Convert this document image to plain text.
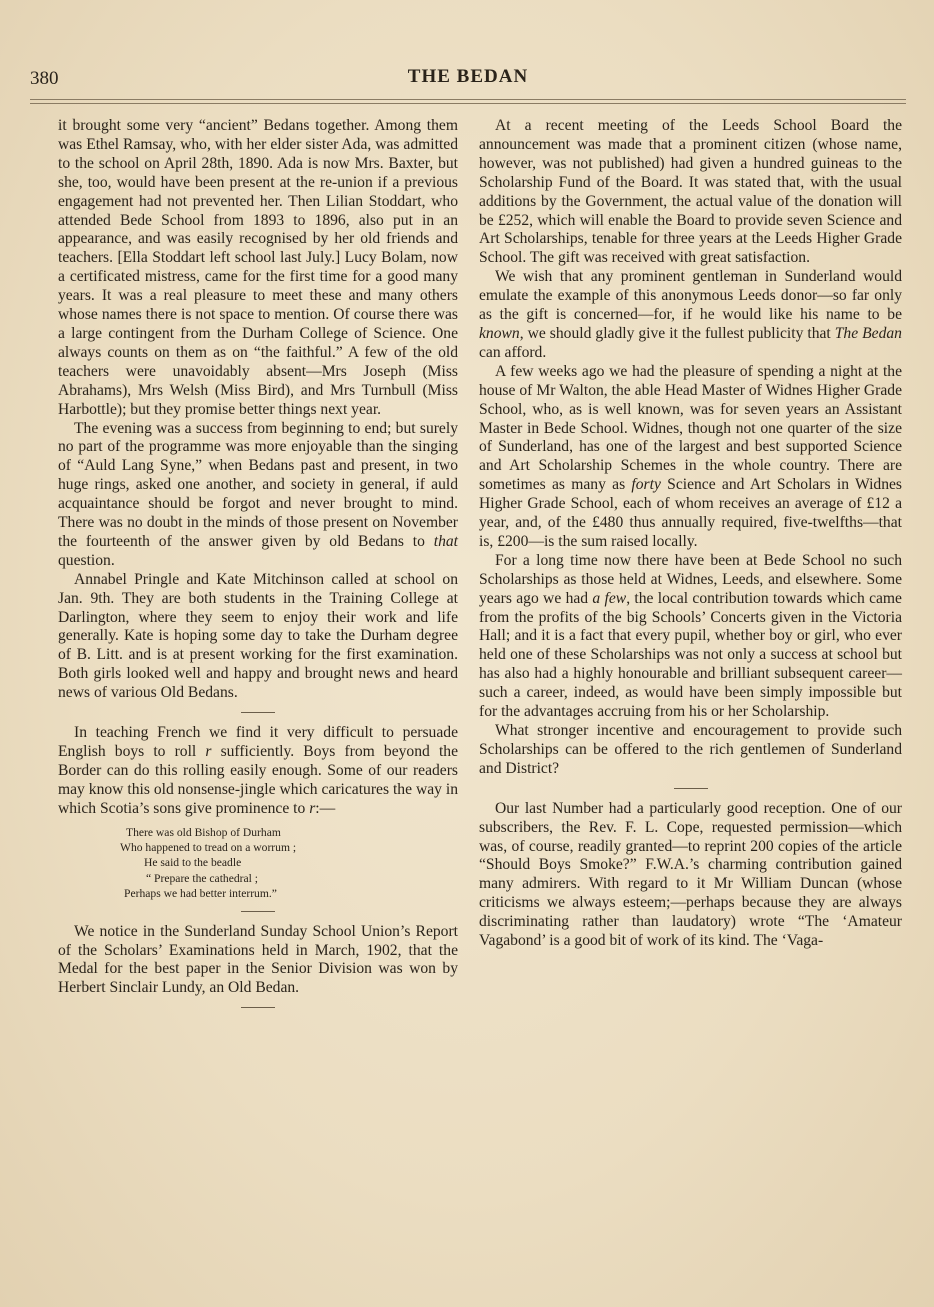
380	THE BEDAN

it brought some very “ancient” Bedans together. Among them was Ethel Ramsay, who, with her elder sister Ada, was admitted to the school on April 28th, 1890. Ada is now Mrs. Baxter, but she, too, would have been present at the re-union if a previous engagement had not prevented her. Then Lilian Stoddart, who attended Bede School from 1893 to 1896, also put in an appearance, and was easily recognised by her old friends and teachers. [Ella Stoddart left school last July.] Lucy Bolam, now a certificated mistress, came for the first time for a good many years. It was a real pleasure to meet these and many others whose names there is not space to mention. Of course there was a large contingent from the Durham College of Science. One always counts on them as on “the faithful.” A few of the old teachers were unavoidably absent—Mrs Joseph (Miss Abrahams), Mrs Welsh (Miss Bird), and Mrs Turnbull (Miss Harbottle); but they promise better things next year.

The evening was a success from beginning to end; but surely no part of the programme was more enjoyable than the singing of “Auld Lang Syne,” when Bedans past and present, in two huge rings, asked one another, and society in general, if auld acquaintance should be forgot and never brought to mind. There was no doubt in the minds of those present on November the fourteenth of the answer given by old Bedans to that question.

Annabel Pringle and Kate Mitchinson called at school on Jan. 9th. They are both students in the Training College at Darlington, where they seem to enjoy their work and life generally. Kate is hoping some day to take the Durham degree of B. Litt. and is at present working for the first examination. Both girls looked well and happy and brought news and heard news of various Old Bedans.

In teaching French we find it very difficult to persuade English boys to roll r sufficiently. Boys from beyond the Border can do this rolling easily enough. Some of our readers may know this old nonsense-jingle which caricatures the way in which Scotia’s sons give prominence to r:—

There was old Bishop of Durham
Who happened to tread on a worrum ;
He said to the beadle
“ Prepare the cathedral ;
Perhaps we had better interrum.”

We notice in the Sunderland Sunday School Union’s Report of the Scholars’ Examinations held in March, 1902, that the Medal for the best paper in the Senior Division was won by Herbert Sinclair Lundy, an Old Bedan.

At a recent meeting of the Leeds School Board the announcement was made that a prominent citizen (whose name, however, was not published) had given a hundred guineas to the Scholarship Fund of the Board. It was stated that, with the usual additions by the Government, the actual value of the donation will be £252, which will enable the Board to provide seven Science and Art Scholarships, tenable for three years at the Leeds Higher Grade School. The gift was received with great satisfaction.

We wish that any prominent gentleman in Sunderland would emulate the example of this anonymous Leeds donor—so far only as the gift is concerned—for, if he would like his name to be known, we should gladly give it the fullest publicity that The Bedan can afford.

A few weeks ago we had the pleasure of spending a night at the house of Mr Walton, the able Head Master of Widnes Higher Grade School, who, as is well known, was for seven years an Assistant Master in Bede School. Widnes, though not one quarter of the size of Sunderland, has one of the largest and best supported Science and Art Scholarship Schemes in the whole country. There are sometimes as many as forty Science and Art Scholars in Widnes Higher Grade School, each of whom receives an average of £12 a year, and, of the £480 thus annually required, five-twelfths—that is, £200—is the sum raised locally.

For a long time now there have been at Bede School no such Scholarships as those held at Widnes, Leeds, and elsewhere. Some years ago we had a few, the local contribution towards which came from the profits of the big Schools’ Concerts given in the Victoria Hall; and it is a fact that every pupil, whether boy or girl, who ever held one of these Scholarships was not only a success at school but has also had a highly honourable and brilliant subsequent career—such a career, indeed, as would have been simply impossible but for the advantages accruing from his or her Scholarship.

What stronger incentive and encouragement to provide such Scholarships can be offered to the rich gentlemen of Sunderland and District?

Our last Number had a particularly good reception. One of our subscribers, the Rev. F. L. Cope, requested permission—which was, of course, readily granted—to reprint 200 copies of the article “Should Boys Smoke?” F.W.A.’s charming contribution gained many admirers. With regard to it Mr William Duncan (whose criticisms we always esteem;—perhaps because they are always discriminating rather than laudatory) wrote “The ‘Amateur Vagabond’ is a good bit of work of its kind. The ‘Vaga-
